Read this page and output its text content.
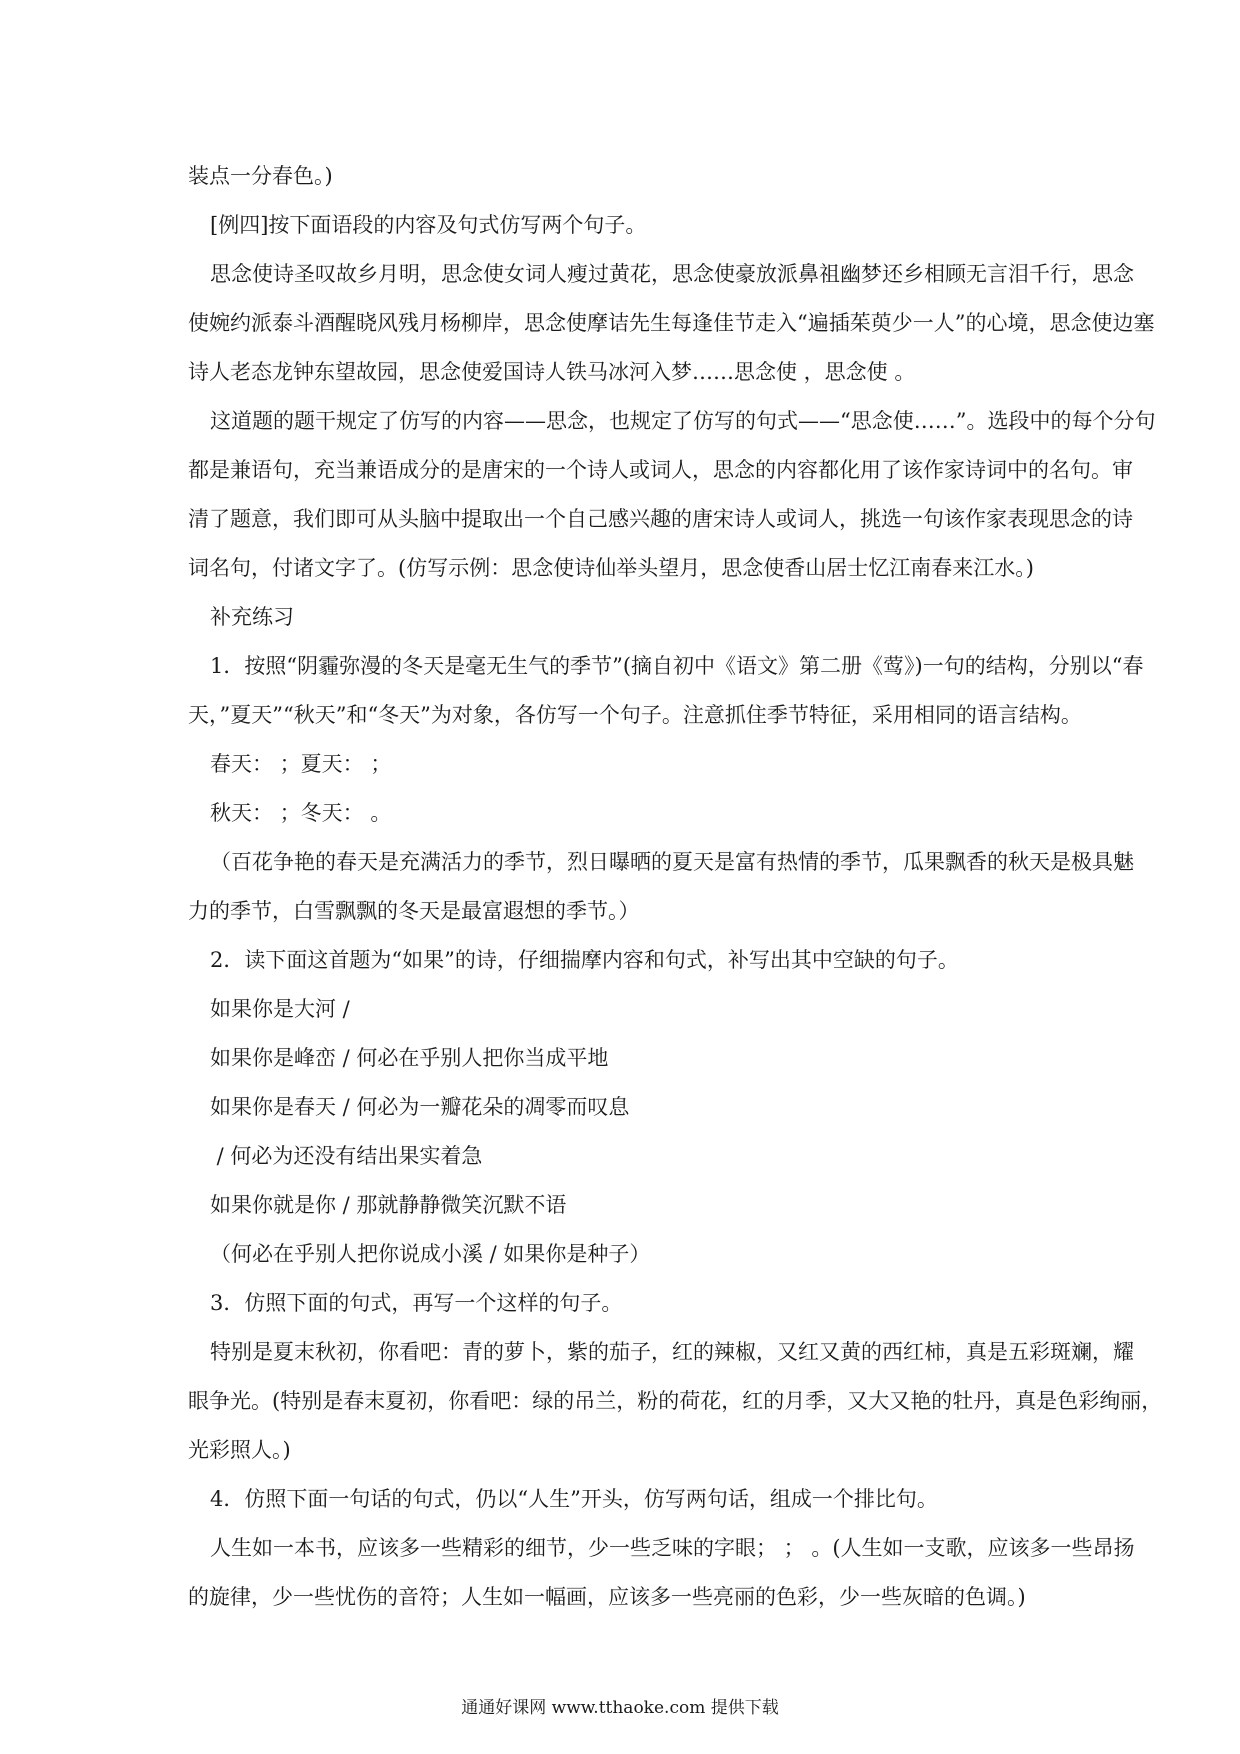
装点一分春色。)

[例四]按下面语段的内容及句式仿写两个句子。

思念使诗圣叹故乡月明，思念使女词人瘦过黄花，思念使豪放派鼻祖幽梦还乡相顾无言泪千行，思念

使婉约派泰斗酒醒晓风残月杨柳岸，思念使摩诘先生每逢佳节走入“遍插茱萸少一人”的心境，思念使边塞

诗人老态龙钟东望故园，思念使爱国诗人铁马冰河入梦……思念使 ，思念使 。

这道题的题干规定了仿写的内容——思念，也规定了仿写的句式——“思念使……”。选段中的每个分句

都是兼语句，充当兼语成分的是唐宋的一个诗人或词人，思念的内容都化用了该作家诗词中的名句。审

清了题意，我们即可从头脑中提取出一个自己感兴趣的唐宋诗人或词人，挑选一句该作家表现思念的诗

词名句，付诸文字了。(仿写示例：思念使诗仙举头望月，思念使香山居士忆江南春来江水。)

补充练习

1．按照“阴霾弥漫的冬天是毫无生气的季节”(摘自初中《语文》第二册《莺》)一句的结构，分别以“春

天，”夏天”“秋天”和“冬天”为对象，各仿写一个句子。注意抓住季节特征，采用相同的语言结构。

春天： ；夏天： ；

秋天： ；冬天： 。

（百花争艳的春天是充满活力的季节，烈日曝晒的夏天是富有热情的季节，瓜果飘香的秋天是极具魅

力的季节，白雪飘飘的冬天是最富遐想的季节。）

2．读下面这首题为“如果”的诗，仔细揣摩内容和句式，补写出其中空缺的句子。

如果你是大河 /

如果你是峰峦 / 何必在乎别人把你当成平地

如果你是春天 / 何必为一瓣花朵的凋零而叹息

/ 何必为还没有结出果实着急

如果你就是你 / 那就静静微笑沉默不语

（何必在乎别人把你说成小溪 / 如果你是种子）

3．仿照下面的句式，再写一个这样的句子。

特别是夏末秋初，你看吧：青的萝卜，紫的茄子，红的辣椒，又红又黄的西红柿，真是五彩斑斓，耀

眼争光。(特别是春末夏初，你看吧：绿的吊兰，粉的荷花，红的月季，又大又艳的牡丹，真是色彩绚丽，

光彩照人。)

4．仿照下面一句话的句式，仍以“人生”开头，仿写两句话，组成一个排比句。

人生如一本书，应该多一些精彩的细节，少一些乏味的字眼； ； 。(人生如一支歌，应该多一些昂扬

的旋律，少一些忧伤的音符；人生如一幅画，应该多一些亮丽的色彩，少一些灰暗的色调。)

通通好课网 www.tthaoke.com 提供下载
